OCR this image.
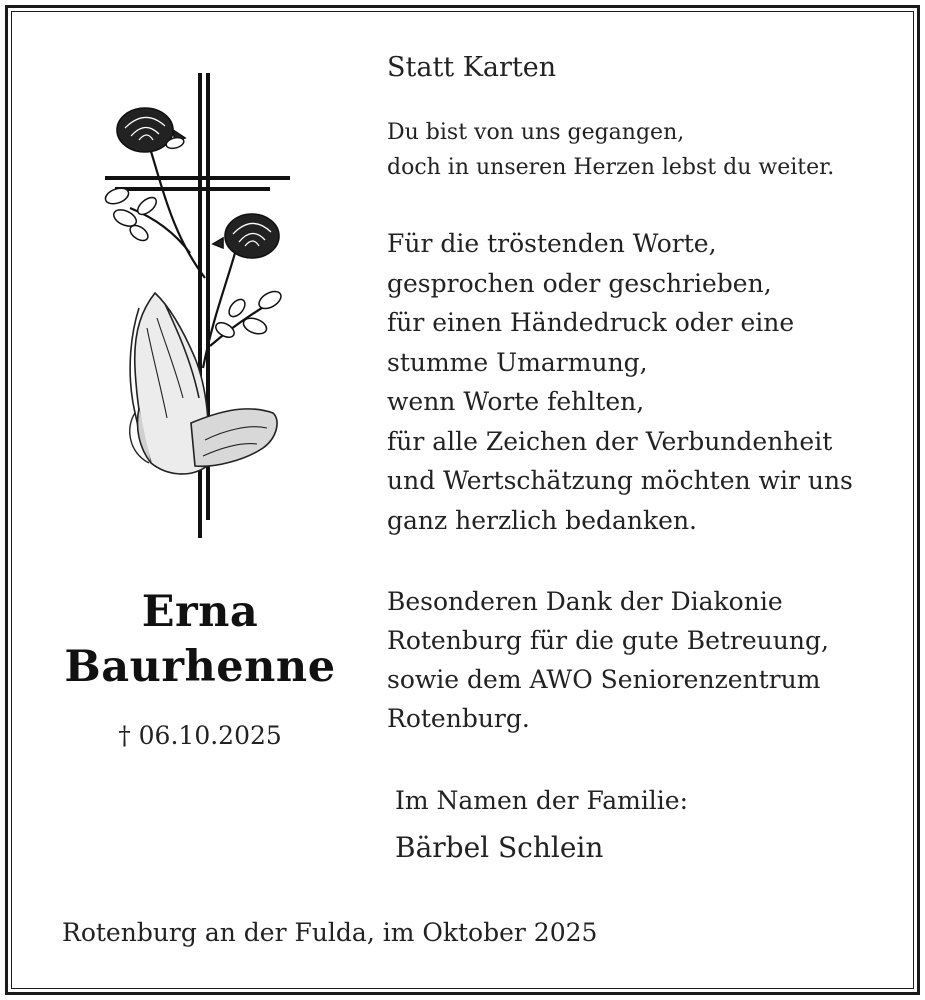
Erna
Baurhenne
† 06.10.2025
Statt Karten
Du bist von uns gegangen,
doch in unseren Herzen lebst du weiter.
Für die tröstenden Worte,
gesprochen oder geschrieben,
für einen Händedruck oder eine
stumme Umarmung,
wenn Worte fehlten,
für alle Zeichen der Verbundenheit
und Wertschätzung möchten wir uns
ganz herzlich bedanken.
Besonderen Dank der Diakonie
Rotenburg für die gute Betreuung,
sowie dem AWO Seniorenzentrum
Rotenburg.
Im Namen der Familie:
Bärbel Schlein
Rotenburg an der Fulda, im Oktober 2025
